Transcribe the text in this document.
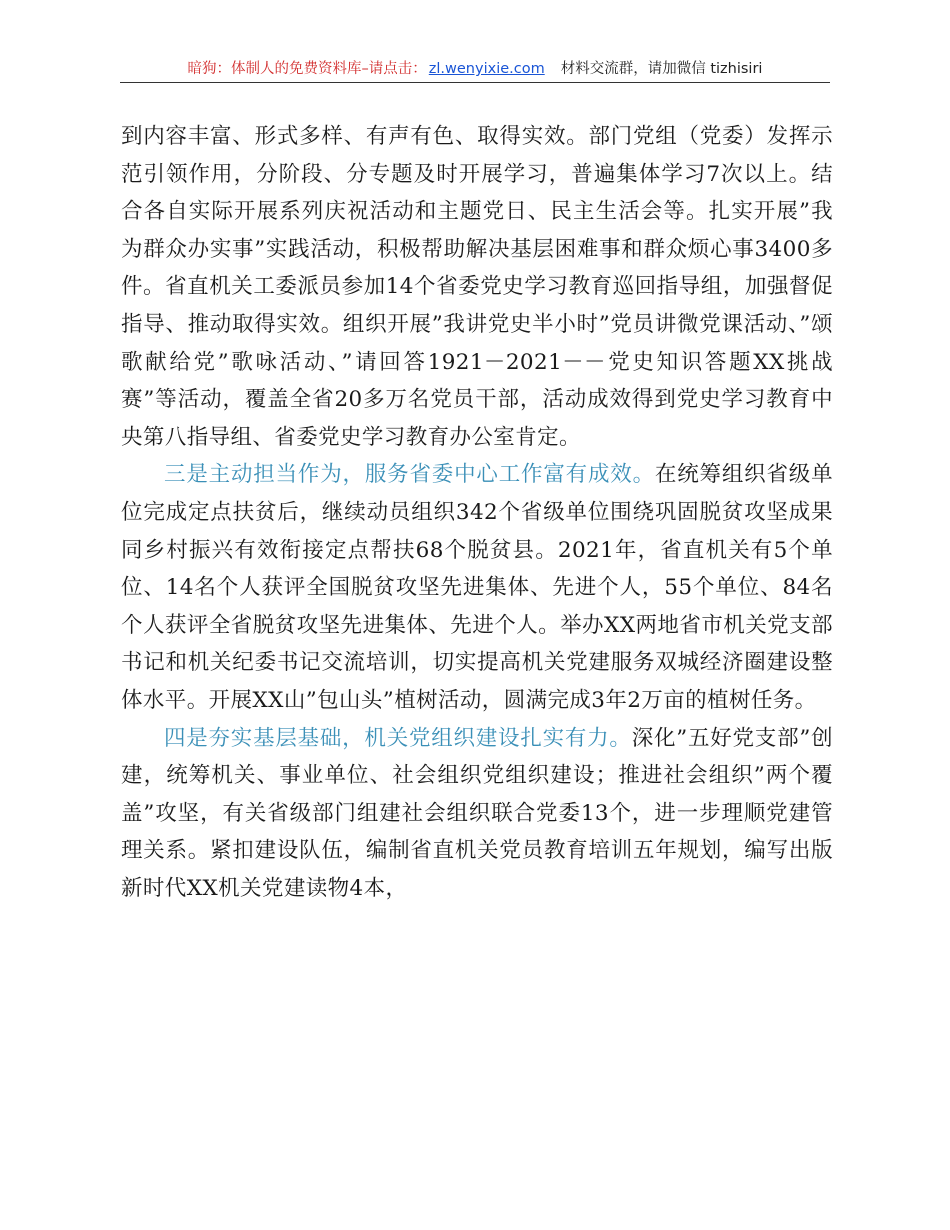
暗狗：体制人的免费资料库–请点击： zl.wenyixie.com 材料交流群，请加微信 tizhisiri

到内容丰富、形式多样、有声有色、取得实效。部门党组（党委）发挥示范引领作用，分阶段、分专题及时开展学习，普遍集体学习7次以上。结合各自实际开展系列庆祝活动和主题党日、民主生活会等。扎实开展”我为群众办实事”实践活动，积极帮助解决基层困难事和群众烦心事3400多件。省直机关工委派员参加14个省委党史学习教育巡回指导组，加强督促指导、推动取得实效。组织开展”我讲党史半小时”党员讲微党课活动、”颂歌献给党”歌咏活动、”请回答1921－2021－－党史知识答题XX挑战赛”等活动，覆盖全省20多万名党员干部，活动成效得到党史学习教育中央第八指导组、省委党史学习教育办公室肯定。

三是主动担当作为，服务省委中心工作富有成效。在统筹组织省级单位完成定点扶贫后，继续动员组织342个省级单位围绕巩固脱贫攻坚成果同乡村振兴有效衔接定点帮扶68个脱贫县。2021年，省直机关有5个单位、14名个人获评全国脱贫攻坚先进集体、先进个人，55个单位、84名个人获评全省脱贫攻坚先进集体、先进个人。举办XX两地省市机关党支部书记和机关纪委书记交流培训，切实提高机关党建服务双城经济圈建设整体水平。开展XX山”包山头”植树活动，圆满完成3年2万亩的植树任务。

四是夯实基层基础，机关党组织建设扎实有力。深化”五好党支部”创建，统筹机关、事业单位、社会组织党组织建设；推进社会组织”两个覆盖”攻坚，有关省级部门组建社会组织联合党委13个，进一步理顺党建管理关系。紧扣建设队伍，编制省直机关党员教育培训五年规划，编写出版新时代XX机关党建读物4本，
